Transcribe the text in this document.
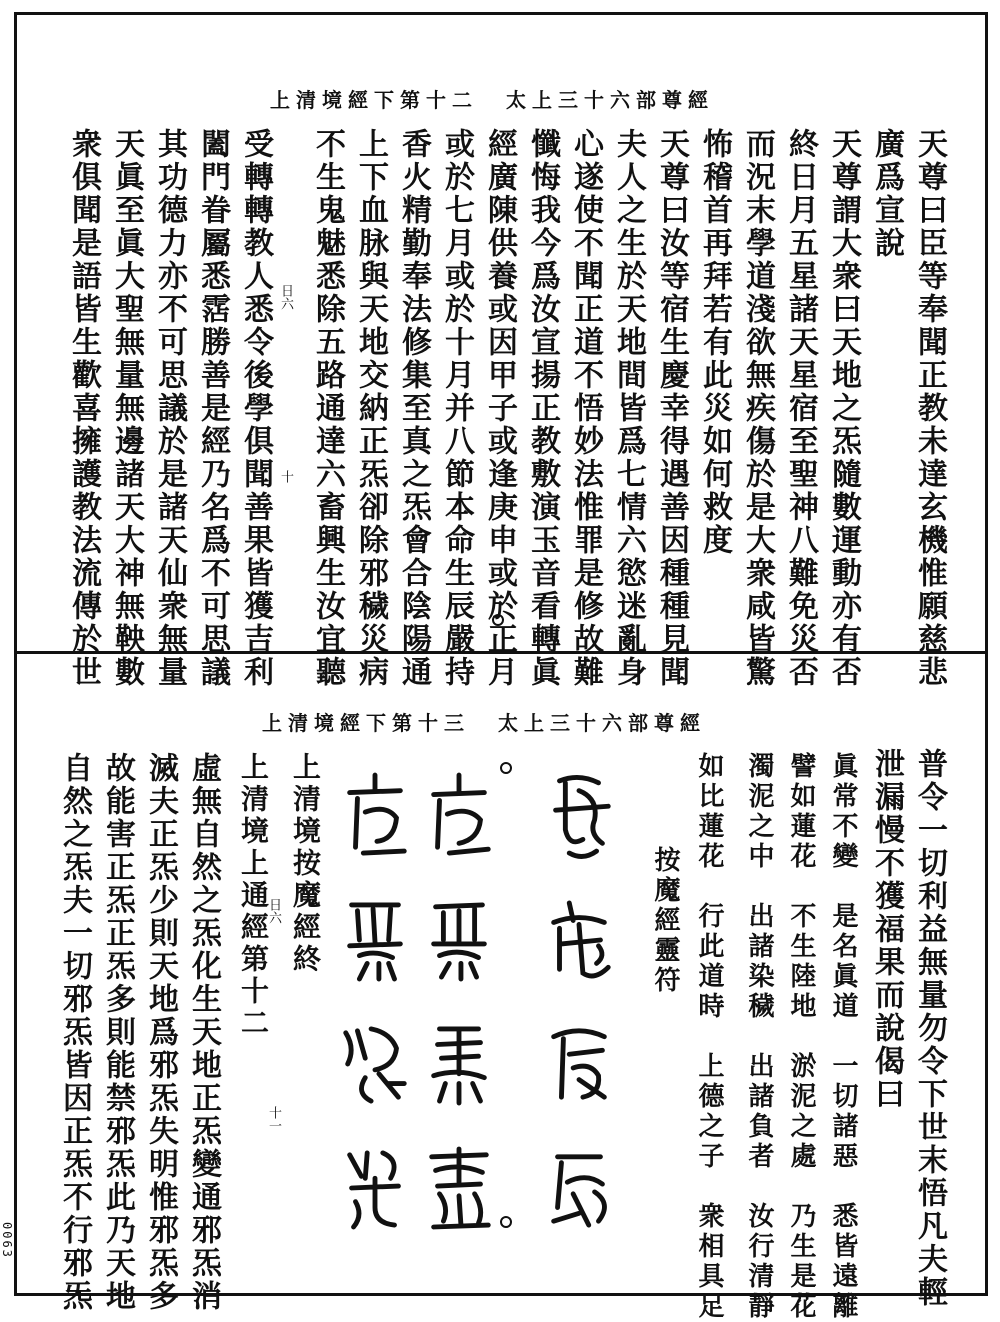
0063
上清境經下第十二 太上三十六部尊經
天尊曰臣等奉聞正教未達玄機惟願慈悲
廣爲宣說
天尊謂大衆曰天地之炁隨數運動亦有否
終日月五星諸天星宿至聖神八難免災否
而況末學道淺欲無疾傷於是大衆咸皆驚
怖稽首再拜若有此災如何救度
天尊曰汝等宿生慶幸得遇善因種種見聞
夫人之生於天地間皆爲七情六慾迷亂身
心遂使不聞正道不悟妙法惟罪是修故難
懺悔我今爲汝宣揚正教敷演玉音看轉眞
經廣陳供養或因甲子或逢庚申或於正月
或於七月或於十月并八節本命生辰嚴持
香火精勤奉法修集至真之炁會合陰陽通
上下血脉與天地交納正炁卻除邪穢災病
不生鬼魅悉除五路通達六畜興生汝宜聽
受轉轉教人悉令後學俱聞善果皆獲吉利
闔門眷屬悉霑勝善是經乃名爲不可思議
其功德力亦不可思議於是諸天仙衆無量
天眞至眞大聖無量無邊諸天大神無鞅數
衆俱聞是語皆生歡喜擁護教法流傳於世	日六
十
上清境經下第十三 太上三十六部尊經
普令一切利益無量勿令下世末悟凡夫輕
泄漏慢不獲福果而說偈曰
眞常不變　是名眞道　一切諸惡　悉皆遠離
譬如蓮花　不生陸地　淤泥之處　乃生是花
濁泥之中　出諸染穢　出諸負者　汝行清靜
如比蓮花　行此道時　上德之子　衆相具足
按魔經靈符
上清境按魔經終
上清境上通經第十二
日六
十一
虛無自然之炁化生天地正炁變通邪炁消
滅夫正炁少則天地爲邪炁失明惟邪炁多
故能害正炁正炁多則能禁邪炁此乃天地
自然之炁夫一切邪炁皆因正炁不行邪炁
